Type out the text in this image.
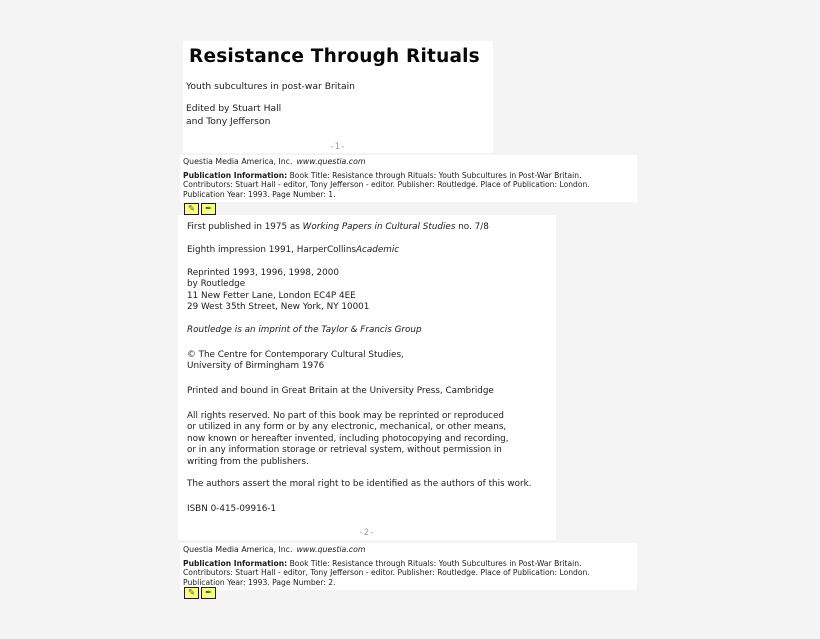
Resistance Through Rituals
Youth subcultures in post-war Britain
Edited by Stuart Hall
and Tony Jefferson
-1-
Questia Media America, Inc. www.questia.com
Publication Information: Book Title: Resistance through Rituals: Youth Subcultures in Post-War Britain.
Contributors: Stuart Hall - editor, Tony Jefferson - editor. Publisher: Routledge. Place of Publication: London.
Publication Year: 1993. Page Number: 1.
✎ ✒
First published in 1975 as Working Papers in Cultural Studies no. 7/8
Eighth impression 1991, HarperCollinsAcademic
Reprinted 1993, 1996, 1998, 2000
by Routledge
11 New Fetter Lane, London EC4P 4EE
29 West 35th Street, New York, NY 10001
Routledge is an imprint of the Taylor & Francis Group
© The Centre for Contemporary Cultural Studies,
University of Birmingham 1976
Printed and bound in Great Britain at the University Press, Cambridge
All rights reserved. No part of this book may be reprinted or reproduced
or utilized in any form or by any electronic, mechanical, or other means,
now known or hereafter invented, including photocopying and recording,
or in any information storage or retrieval system, without permission in
writing from the publishers.
The authors assert the moral right to be identified as the authors of this work.
ISBN 0-415-09916-1
-2-
Questia Media America, Inc. www.questia.com
Publication Information: Book Title: Resistance through Rituals: Youth Subcultures in Post-War Britain.
Contributors: Stuart Hall - editor, Tony Jefferson - editor. Publisher: Routledge. Place of Publication: London.
Publication Year: 1993. Page Number: 2.
✎ ✒
